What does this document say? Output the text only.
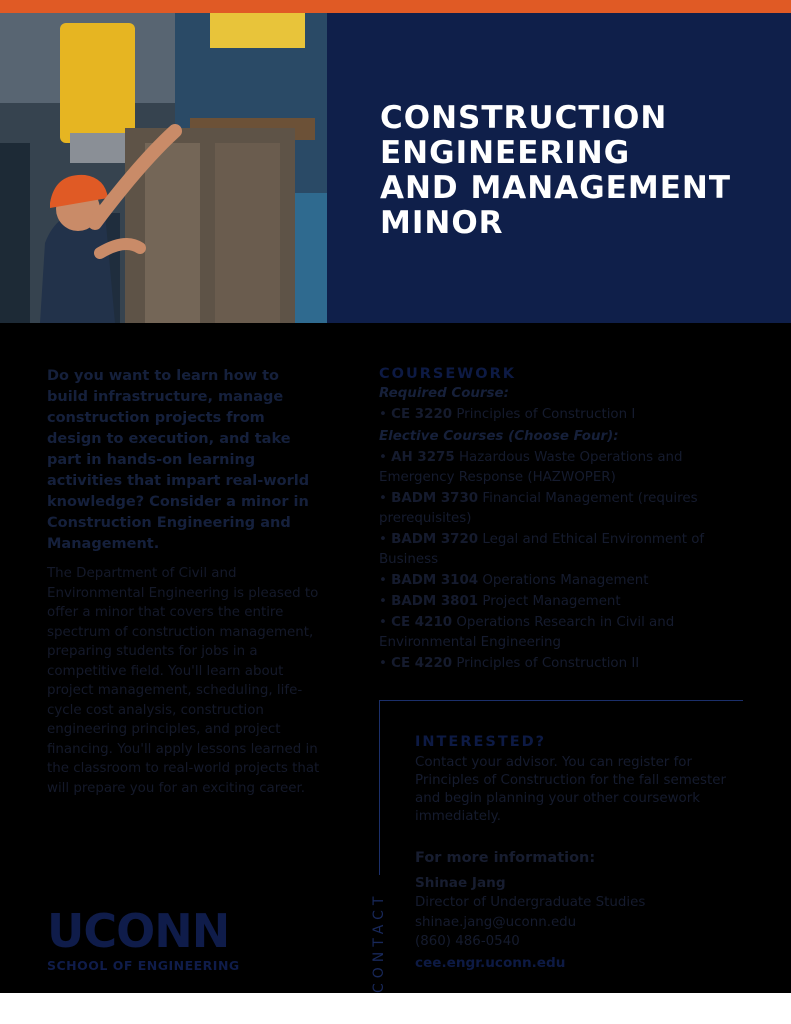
CONSTRUCTION
ENGINEERING
AND MANAGEMENT
MINOR

Do you want to learn how to build infrastructure, manage construction projects from design to execution, and take part in hands-on learning activities that impart real-world knowledge? Consider a minor in Construction Engineering and Management.

The Department of Civil and Environmental Engineering is pleased to offer a minor that covers the entire spectrum of construction management, preparing students for jobs in a competitive field. You'll learn about project management, scheduling, life-cycle cost analysis, construction engineering principles, and project financing. You'll apply lessons learned in the classroom to real-world projects that will prepare you for an exciting career.

COURSEWORK

Required Course:

• CE 3220 Principles of Construction I

Elective Courses (Choose Four):

• AH 3275 Hazardous Waste Operations and Emergency Response (HAZWOPER)

• BADM 3730 Financial Management (requires prerequisites)

• BADM 3720 Legal and Ethical Environment of Business

• BADM 3104 Operations Management

• BADM 3801 Project Management

• CE 4210 Operations Research in Civil and Environmental Engineering

• CE 4220 Principles of Construction II

CONTACT

INTERESTED?

Contact your advisor. You can register for Principles of Construction for the fall semester and begin planning your other coursework immediately.

For more information:

Shinae Jang

Director of Undergraduate Studies

shinae.jang@uconn.edu

(860) 486-0540

cee.engr.uconn.edu

UCONN
SCHOOL OF ENGINEERING
